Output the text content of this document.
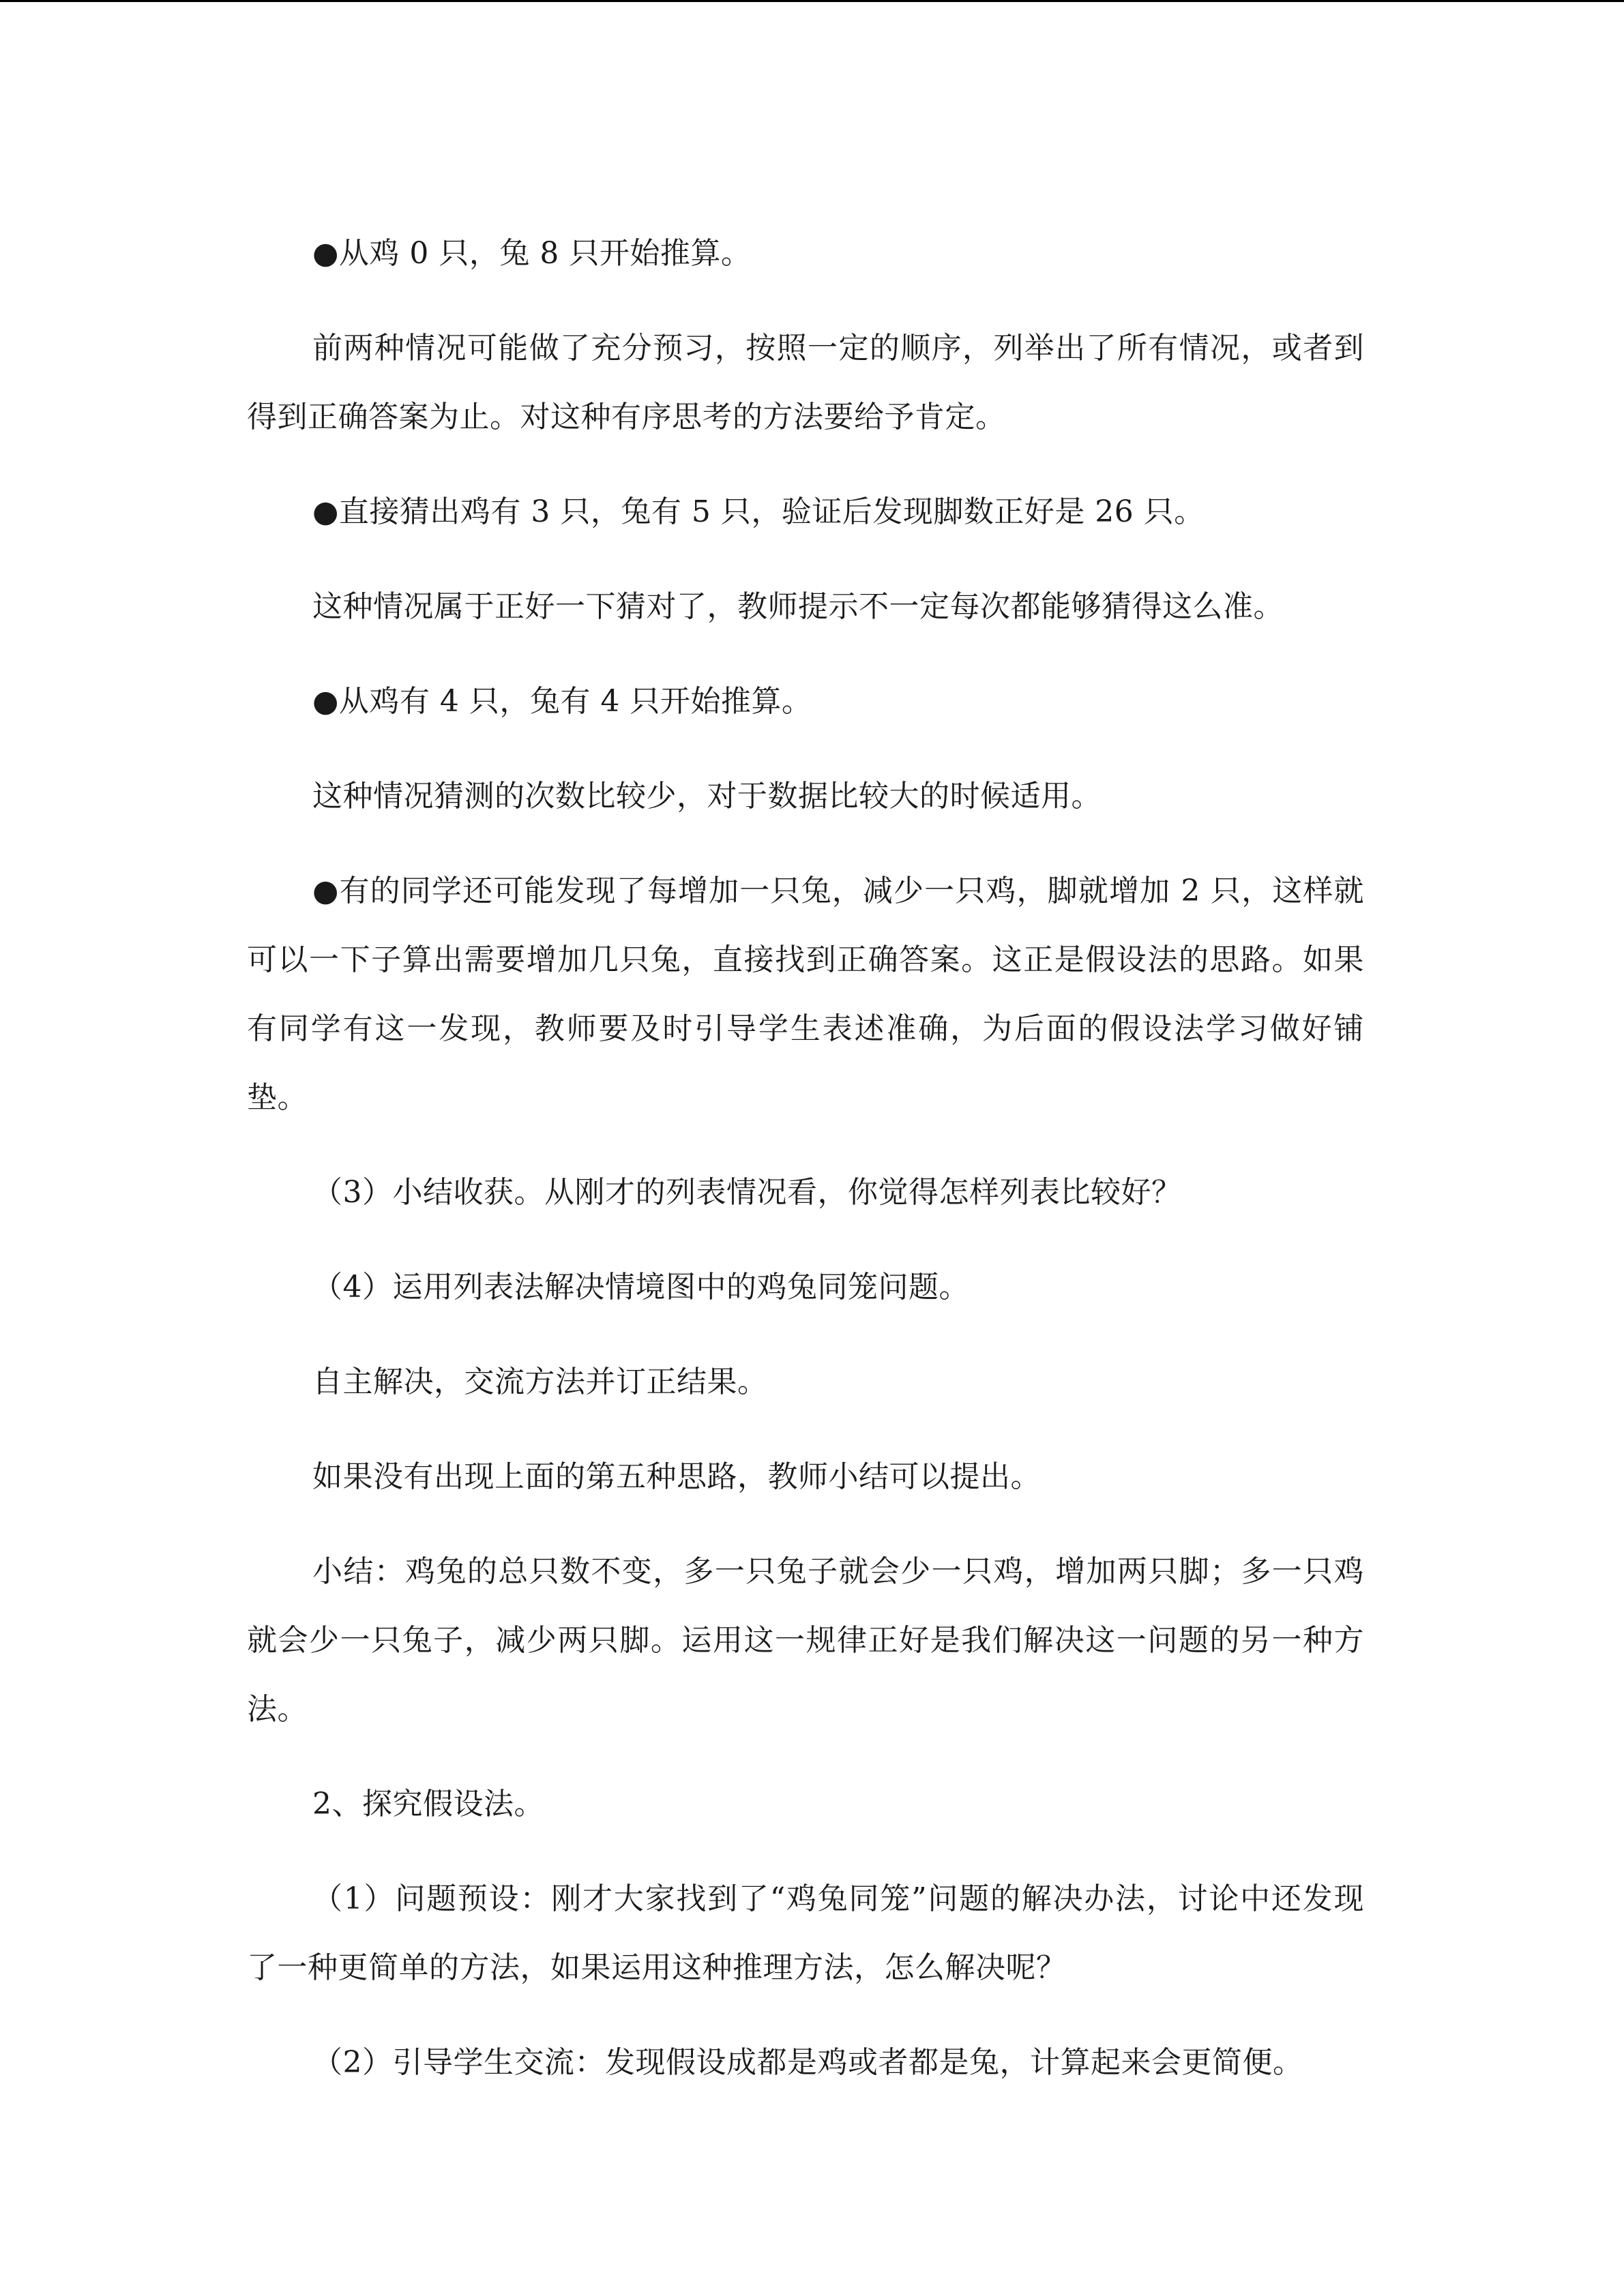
●从鸡 0 只，兔 8 只开始推算。

前两种情况可能做了充分预习，按照一定的顺序，列举出了所有情况，或者到得到正确答案为止。对这种有序思考的方法要给予肯定。

●直接猜出鸡有 3 只，兔有 5 只，验证后发现脚数正好是 26 只。

这种情况属于正好一下猜对了，教师提示不一定每次都能够猜得这么准。

●从鸡有 4 只，兔有 4 只开始推算。

这种情况猜测的次数比较少，对于数据比较大的时候适用。

●有的同学还可能发现了每增加一只兔，减少一只鸡，脚就增加 2 只，这样就可以一下子算出需要增加几只兔，直接找到正确答案。这正是假设法的思路。如果有同学有这一发现，教师要及时引导学生表述准确，为后面的假设法学习做好铺垫。

（3）小结收获。从刚才的列表情况看，你觉得怎样列表比较好？

（4）运用列表法解决情境图中的鸡兔同笼问题。

自主解决，交流方法并订正结果。

如果没有出现上面的第五种思路，教师小结可以提出。

小结：鸡兔的总只数不变，多一只兔子就会少一只鸡，增加两只脚；多一只鸡就会少一只兔子，减少两只脚。运用这一规律正好是我们解决这一问题的另一种方法。

2、探究假设法。

（1）问题预设：刚才大家找到了“鸡兔同笼”问题的解决办法，讨论中还发现了一种更简单的方法，如果运用这种推理方法，怎么解决呢？

（2）引导学生交流：发现假设成都是鸡或者都是兔，计算起来会更简便。
